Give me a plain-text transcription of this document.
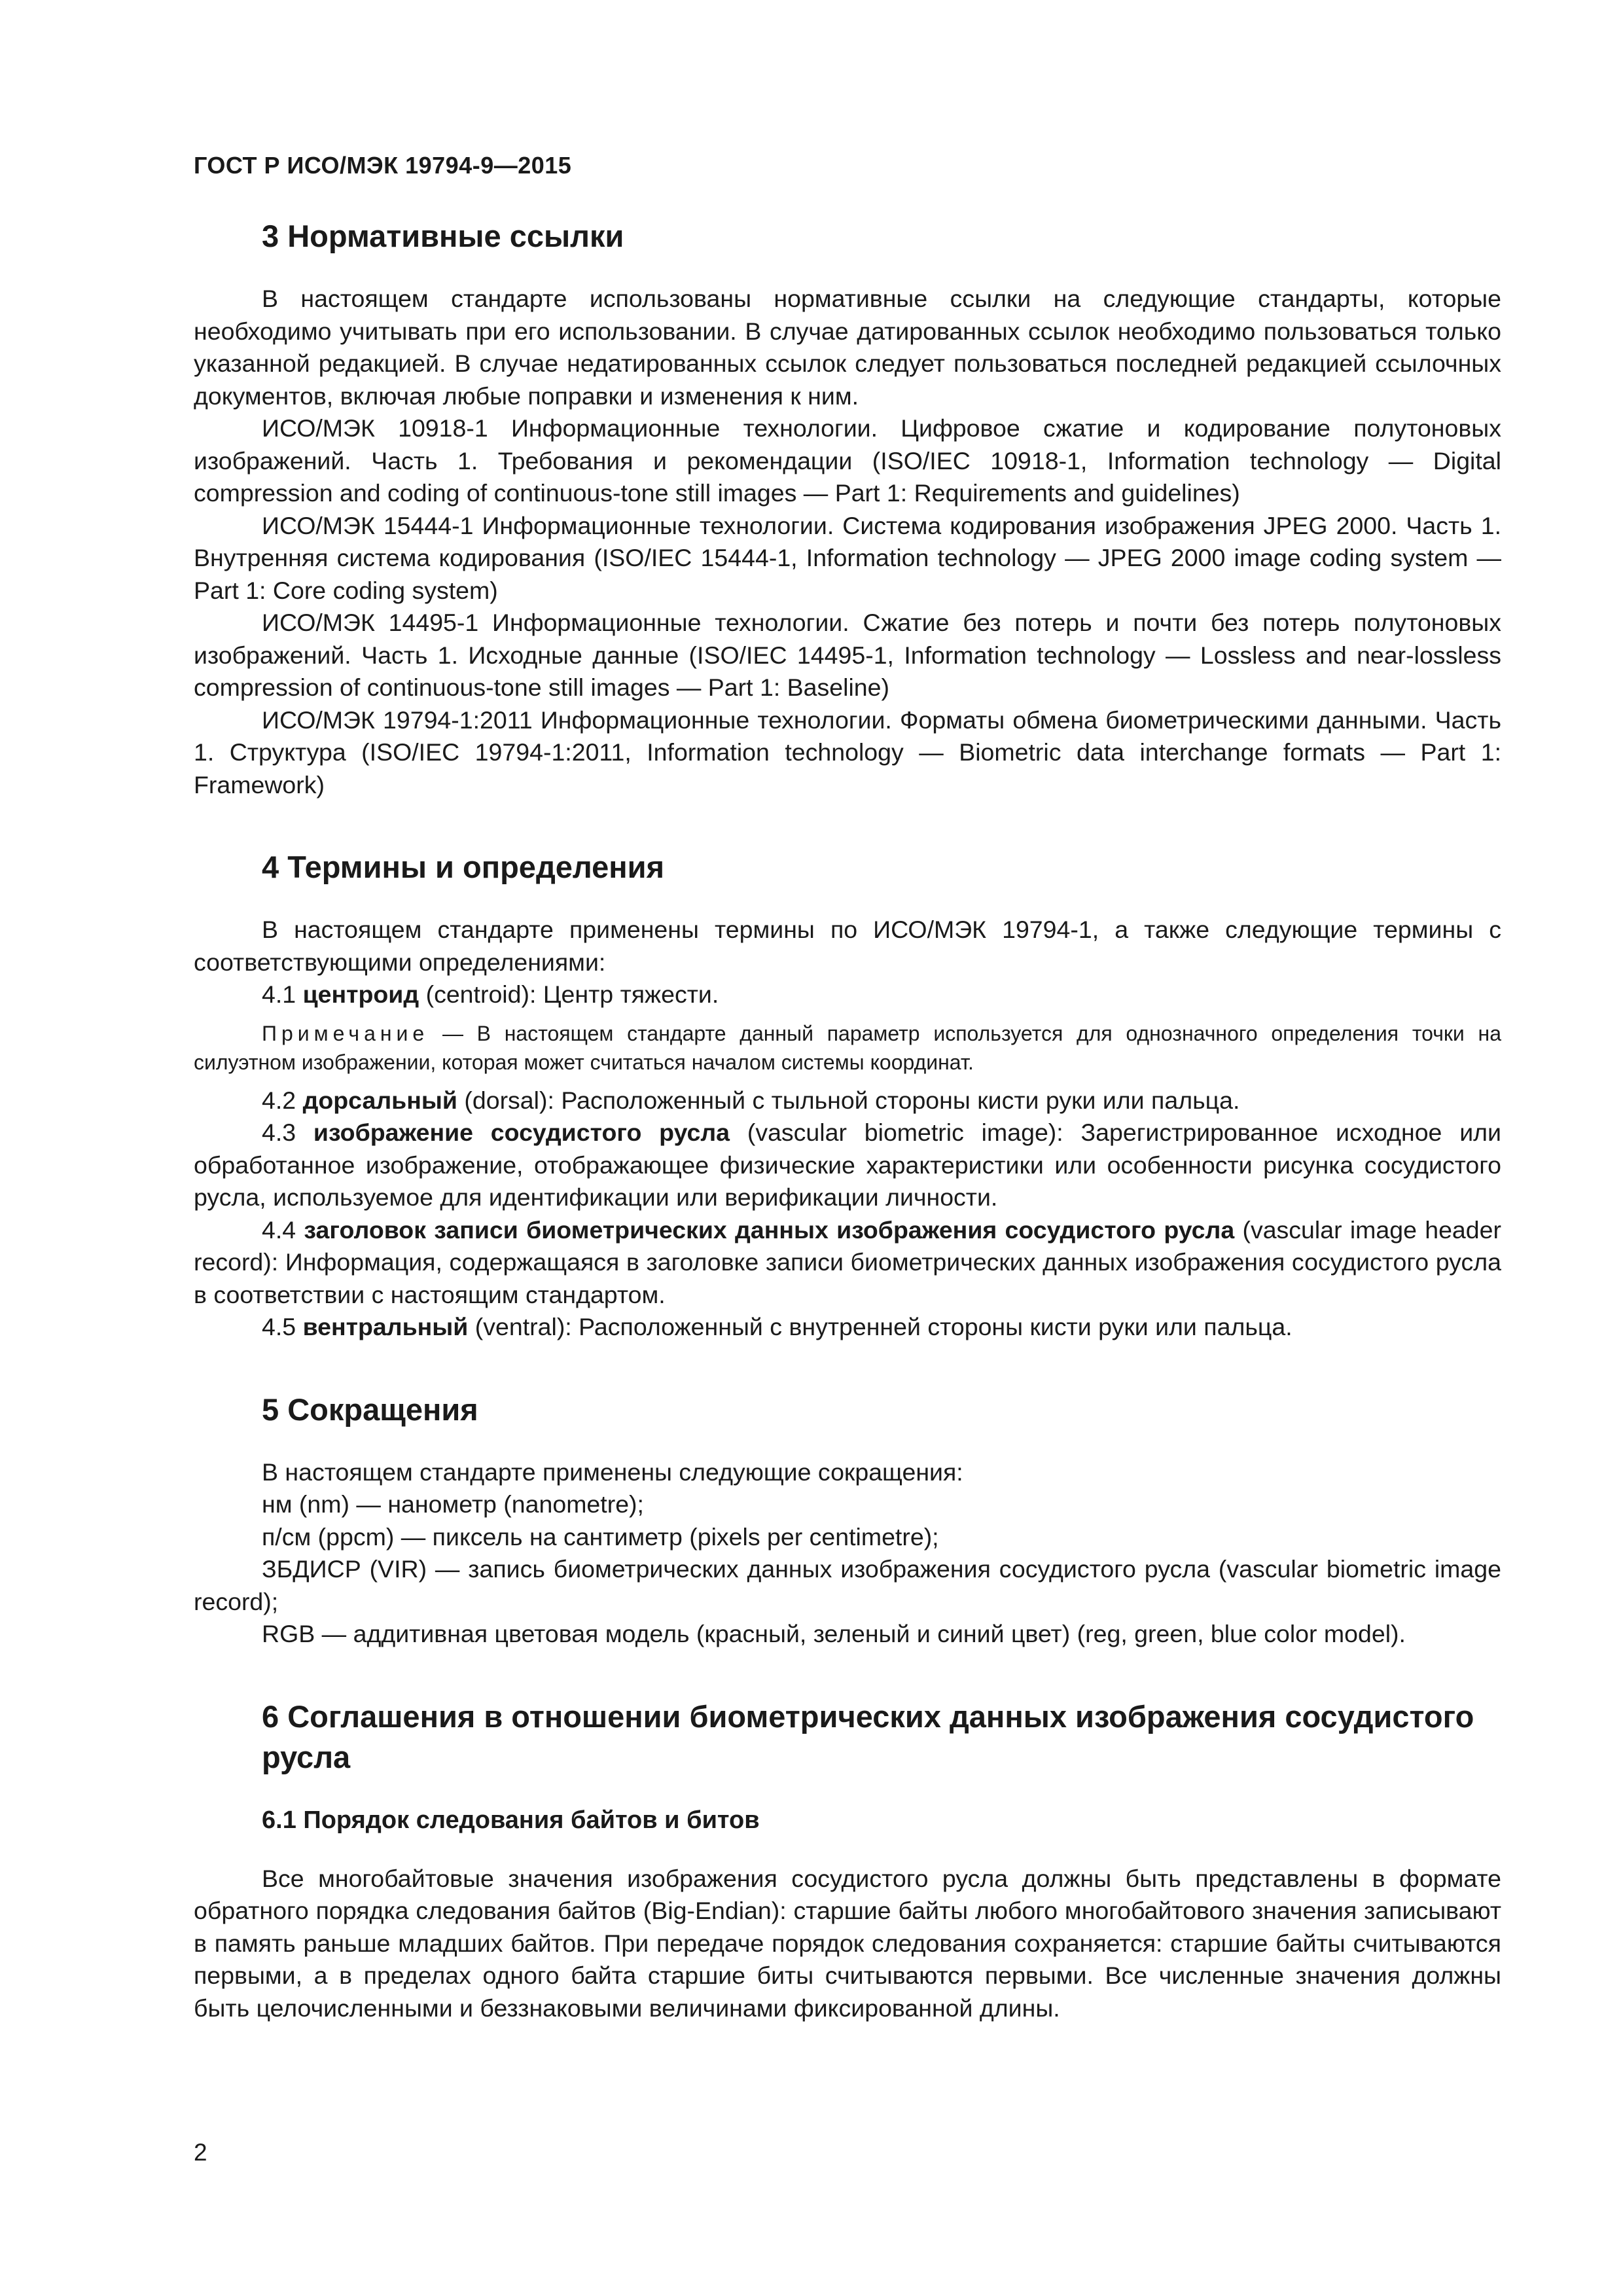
ГОСТ Р ИСО/МЭК 19794-9—2015
3 Нормативные ссылки

В настоящем стандарте использованы нормативные ссылки на следующие стандарты, которые необходимо учитывать при его использовании. В случае датированных ссылок необходимо пользоваться только указанной редакцией. В случае недатированных ссылок следует пользоваться последней редакцией ссылочных документов, включая любые поправки и изменения к ним.

ИСО/МЭК 10918-1 Информационные технологии. Цифровое сжатие и кодирование полутоновых изображений. Часть 1. Требования и рекомендации (ISO/IEC 10918-1, Information technology — Digital compression and coding of continuous-tone still images — Part 1: Requirements and guidelines)

ИСО/МЭК 15444-1 Информационные технологии. Система кодирования изображения JPEG 2000. Часть 1. Внутренняя система кодирования (ISO/IEC 15444-1, Information technology — JPEG 2000 image coding system — Part 1: Core coding system)

ИСО/МЭК 14495-1 Информационные технологии. Сжатие без потерь и почти без потерь полутоновых изображений. Часть 1. Исходные данные (ISO/IEC 14495-1, Information technology — Lossless and near-lossless compression of continuous-tone still images — Part 1: Baseline)

ИСО/МЭК 19794-1:2011 Информационные технологии. Форматы обмена биометрическими данными. Часть 1. Структура (ISO/IEC 19794-1:2011, Information technology — Biometric data interchange formats — Part 1: Framework)

4 Термины и определения

В настоящем стандарте применены термины по ИСО/МЭК 19794-1, а также следующие термины с соответствующими определениями:

4.1 центроид (centroid): Центр тяжести.

Примечание — В настоящем стандарте данный параметр используется для однозначного определения точки на силуэтном изображении, которая может считаться началом системы координат.

4.2 дорсальный (dorsal): Расположенный с тыльной стороны кисти руки или пальца.

4.3 изображение сосудистого русла (vascular biometric image): Зарегистрированное исходное или обработанное изображение, отображающее физические характеристики или особенности рисунка сосудистого русла, используемое для идентификации или верификации личности.

4.4 заголовок записи биометрических данных изображения сосудистого русла (vascular image header record): Информация, содержащаяся в заголовке записи биометрических данных изображения сосудистого русла в соответствии с настоящим стандартом.

4.5 вентральный (ventral): Расположенный с внутренней стороны кисти руки или пальца.

5 Сокращения

В настоящем стандарте применены следующие сокращения:

нм (nm) — нанометр (nanometre);

п/см (ppcm) — пиксель на сантиметр (pixels per centimetre);

ЗБДИСР (VIR) — запись биометрических данных изображения сосудистого русла (vascular biometric image record);

RGB — аддитивная цветовая модель (красный, зеленый и синий цвет) (reg, green, blue color model).

6 Соглашения в отношении биометрических данных изображения сосудистого русла
6.1 Порядок следования байтов и битов

Все многобайтовые значения изображения сосудистого русла должны быть представлены в формате обратного порядка следования байтов (Big-Endian): старшие байты любого многобайтового значения записывают в память раньше младших байтов. При передаче порядок следования сохраняется: старшие байты считываются первыми, а в пределах одного байта старшие биты считываются первыми. Все численные значения должны быть целочисленными и беззнаковыми величинами фиксированной длины.

2
